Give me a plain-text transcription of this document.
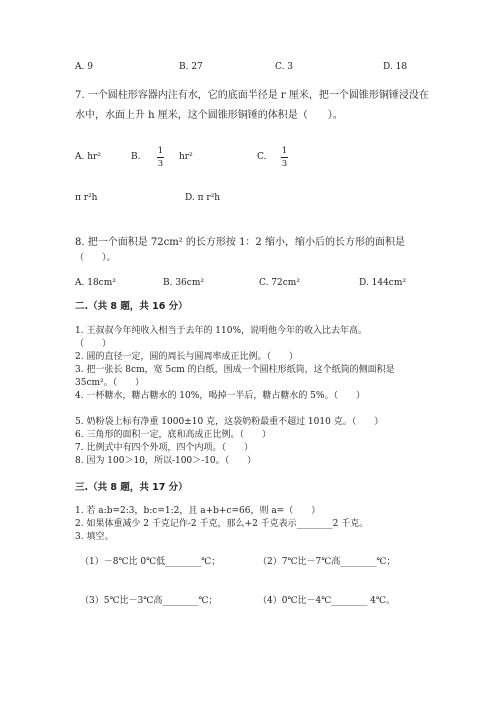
A. 9	B. 27	C. 3	D. 18
7. 一个圆柱形容器内注有水，它的底面半径是 r 厘米，把一个圆锥形铜锤浸没在
水中，水面上升 h 厘米，这个圆锥形铜锤的体积是（　　）。
A. hr²	B.
1
3
hr²	C.
1
3
π r²h	D. π r²h
8. 把一个面积是 72cm² 的长方形按 1：2 缩小，缩小后的长方形的面积是
（　　）。
A. 18cm²	B. 36cm²	C. 72cm²	D. 144cm²
二.（共 8 题，共 16 分）
1. 王叔叔今年纯收入相当于去年的 110%，说明他今年的收入比去年高。
（　　）
2. 圆的直径一定，圆的周长与圆周率成正比例。（　　）
3. 把一张长 8cm，宽 5cm 的白纸，围成一个圆柱形纸筒，这个纸筒的侧面积是
35cm²。（　　）
4. 一杯糖水，糖占糖水的 10%，喝掉一半后，糖占糖水的 5%。（　　）
5. 奶粉袋上标有净重 1000±10 克，这袋奶粉最重不超过 1010 克。（　　）
6. 三角形的面积一定，底和高成正比例。（　　）
7. 比例式中有四个外项，四个内项。（　　）
8. 因为 100＞10，所以-100＞-10。（　　）
三.（共 8 题，共 17 分）
1. 若 a:b=2:3，b:c=1:2，且 a+b+c=66，则 a=（　　）
2. 如果体重减少 2 千克记作-2 千克，那么+2 千克表示________2 千克。
3. 填空。
（1）－8℃比 0℃低________℃；	（2）7℃比－7℃高________℃；
（3）5℃比－3℃高________℃；	（4）0℃比－4℃________ 4℃。
